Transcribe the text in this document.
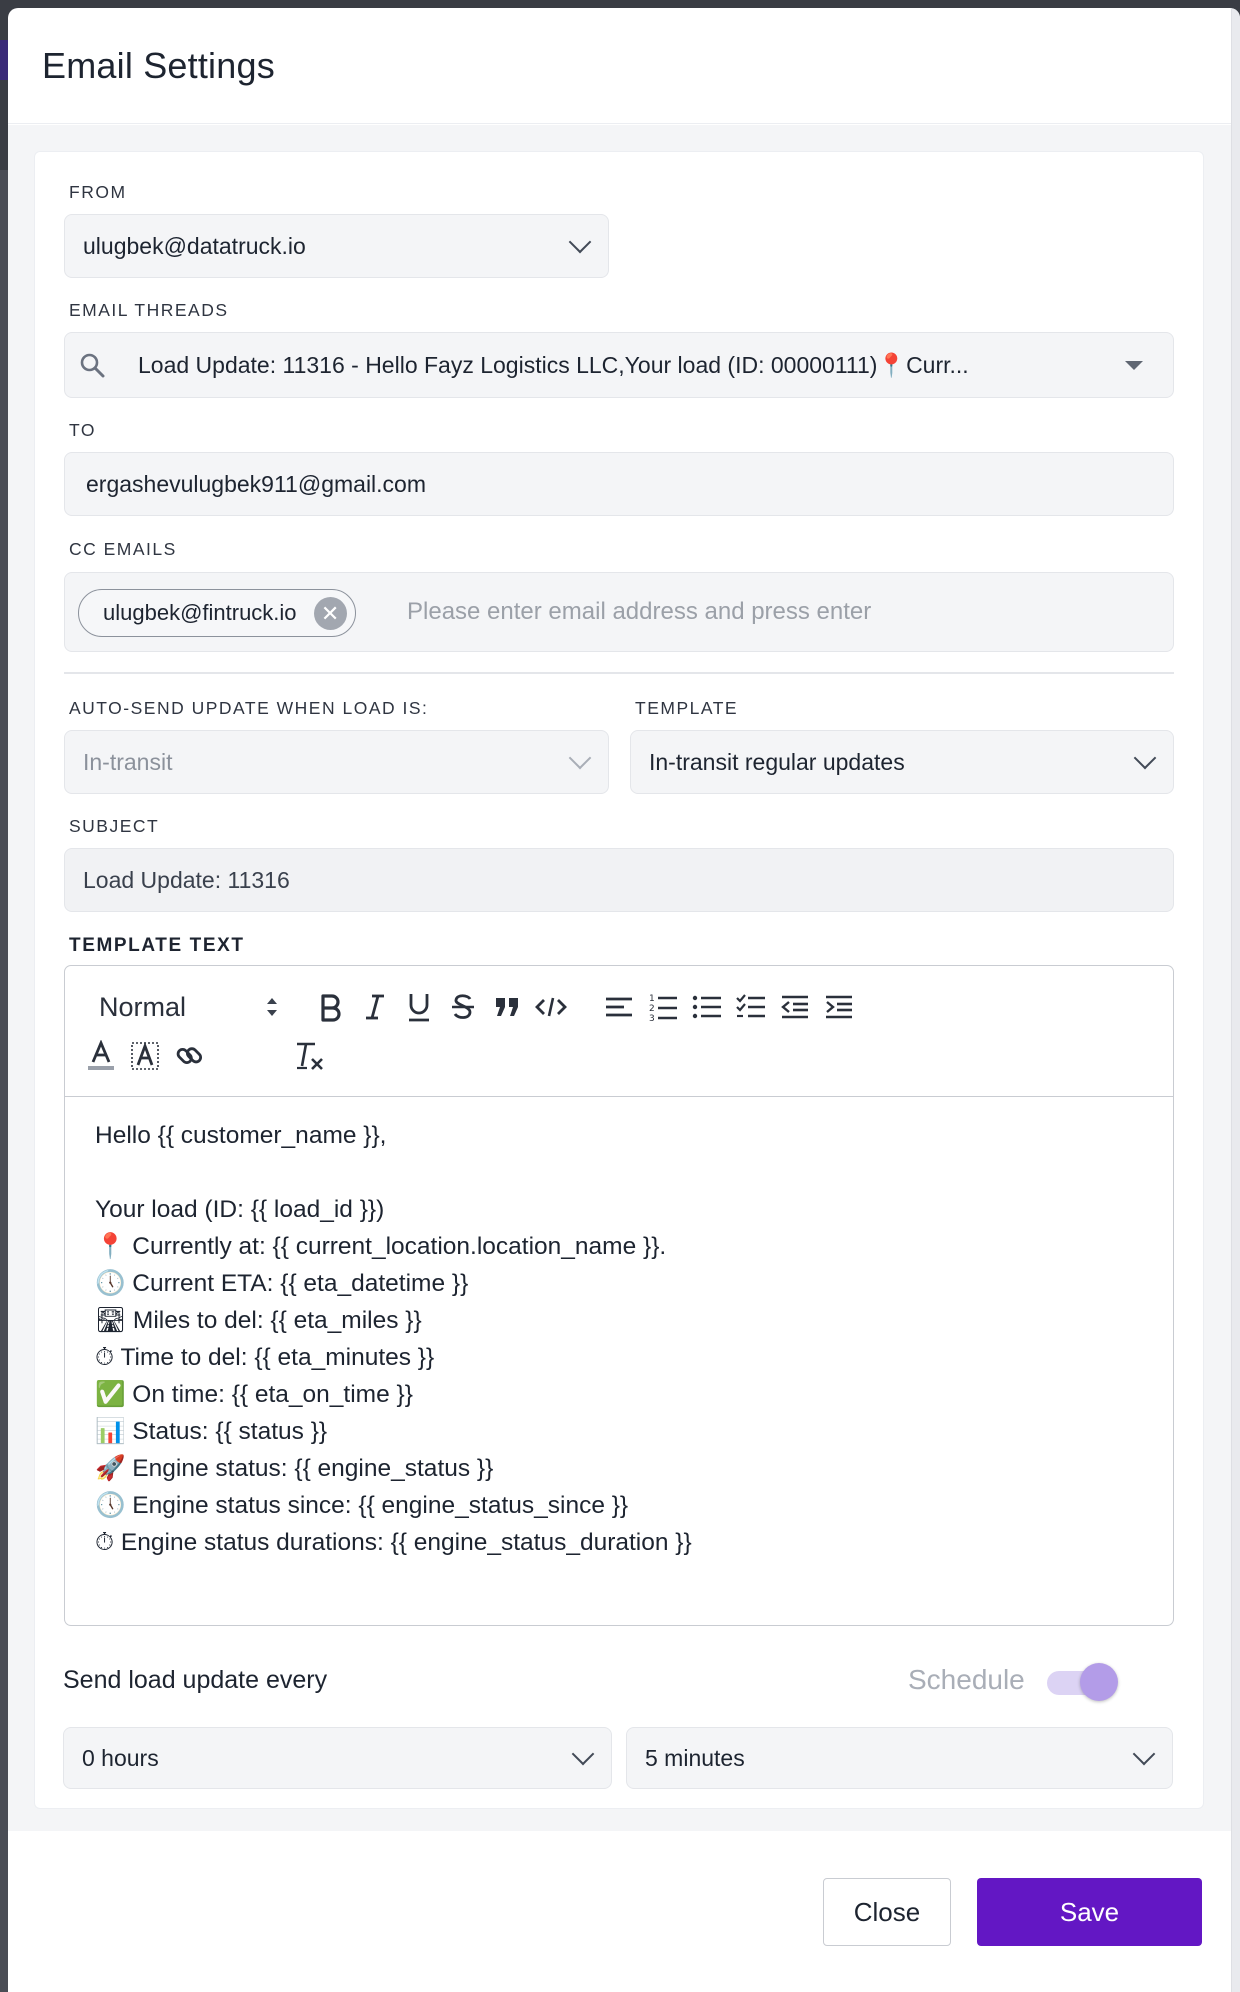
Email Settings
FROM
ulugbek@datatruck.io
EMAIL THREADS
Load Update: 11316 - Hello Fayz Logistics LLC,Your load (ID: 00000111)📍Curr...
TO
ergashevulugbek911@gmail.com
CC EMAILS
ulugbek@fintruck.io	✕
Please enter email address and press enter
AUTO-SEND UPDATE WHEN LOAD IS:
In-transit
TEMPLATE
In-transit regular updates
SUBJECT
Load Update: 11316
TEMPLATE TEXT
Normal	1
2
3
Hello {{ customer_name }},
Your load (ID: {{ load_id }})
📍 Currently at: {{ current_location.location_name }}.
🕔 Current ETA: {{ eta_datetime }}
🛣 Miles to del: {{ eta_miles }}
⏱ Time to del: {{ eta_minutes }}
✅ On time: {{ eta_on_time }}
📊 Status: {{ status }}
🚀 Engine status: {{ engine_status }}
🕔 Engine status since: {{ engine_status_since }}
⏱ Engine status durations: {{ engine_status_duration }}
Send load update every	Schedule
0 hours	5 minutes
Close	Save
